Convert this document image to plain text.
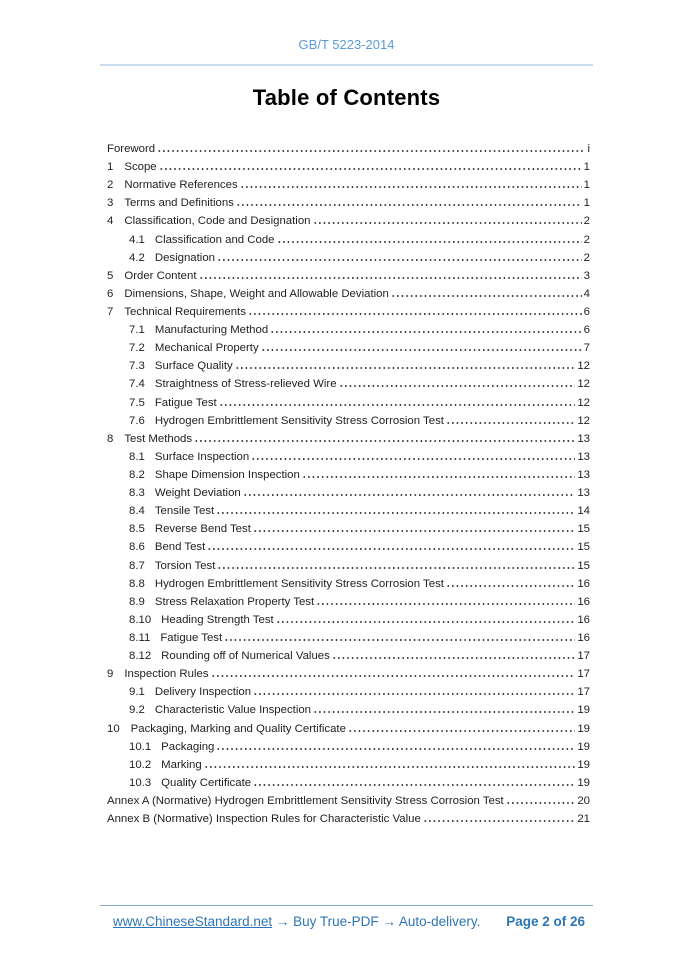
GB/T 5223-2014
Table of Contents
Foreword	i
1 Scope	1
2 Normative References	1
3 Terms and Definitions	1
4 Classification, Code and Designation	2
4.1 Classification and Code	2
4.2 Designation	2
5 Order Content	3
6 Dimensions, Shape, Weight and Allowable Deviation	4
7 Technical Requirements	6
7.1 Manufacturing Method	6
7.2 Mechanical Property	7
7.3 Surface Quality	12
7.4 Straightness of Stress-relieved Wire	12
7.5 Fatigue Test	12
7.6 Hydrogen Embrittlement Sensitivity Stress Corrosion Test	12
8 Test Methods	13
8.1 Surface Inspection	13
8.2 Shape Dimension Inspection	13
8.3 Weight Deviation	13
8.4 Tensile Test	14
8.5 Reverse Bend Test	15
8.6 Bend Test	15
8.7 Torsion Test	15
8.8 Hydrogen Embrittlement Sensitivity Stress Corrosion Test	16
8.9 Stress Relaxation Property Test	16
8.10 Heading Strength Test	16
8.11 Fatigue Test	16
8.12 Rounding off of Numerical Values	17
9 Inspection Rules	17
9.1 Delivery Inspection	17
9.2 Characteristic Value Inspection	19
10 Packaging, Marking and Quality Certificate	19
10.1 Packaging	19
10.2 Marking	19
10.3 Quality Certificate	19
Annex A (Normative) Hydrogen Embrittlement Sensitivity Stress Corrosion Test	20
Annex B (Normative) Inspection Rules for Characteristic Value	21
www.ChineseStandard.net → Buy True-PDF → Auto-delivery. Page 2 of 26
